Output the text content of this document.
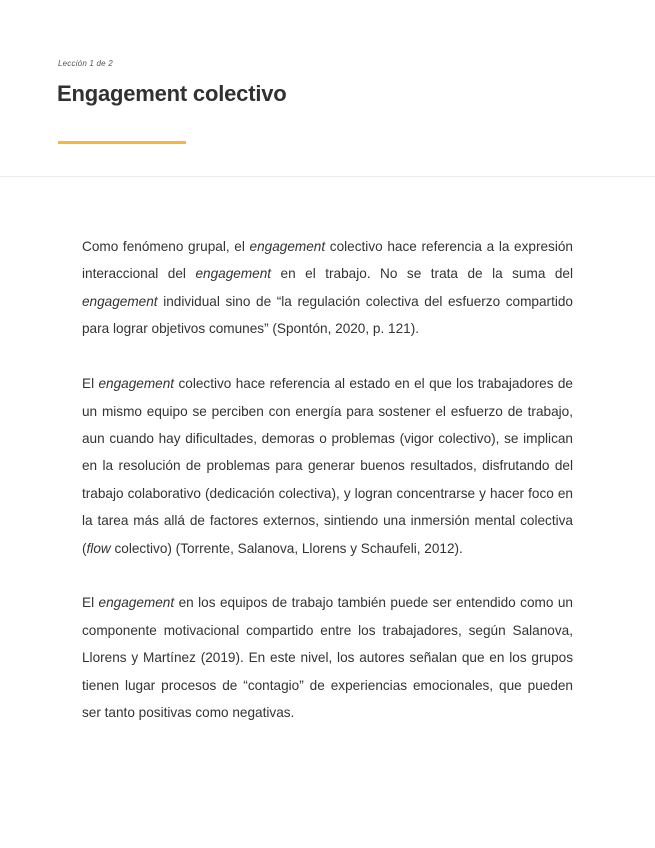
Lección 1 de 2
Engagement colectivo

Como fenómeno grupal, el engagement colectivo hace referencia a la expresión interaccional del engagement en el trabajo. No se trata de la suma del engagement individual sino de “la regulación colectiva del esfuerzo compartido para lograr objetivos comunes” (Spontón, 2020, p. 121).

El engagement colectivo hace referencia al estado en el que los trabajadores de un mismo equipo se perciben con energía para sostener el esfuerzo de trabajo, aun cuando hay dificultades, demoras o problemas (vigor colectivo), se implican en la resolución de problemas para generar buenos resultados, disfrutando del trabajo colaborativo (dedicación colectiva), y logran concentrarse y hacer foco en la tarea más allá de factores externos, sintiendo una inmersión mental colectiva (flow colectivo) (Torrente, Salanova, Llorens y Schaufeli, 2012).

El engagement en los equipos de trabajo también puede ser entendido como un componente motivacional compartido entre los trabajadores, según Salanova, Llorens y Martínez (2019). En este nivel, los autores señalan que en los grupos tienen lugar procesos de “contagio” de experiencias emocionales, que pueden ser tanto positivas como negativas.
